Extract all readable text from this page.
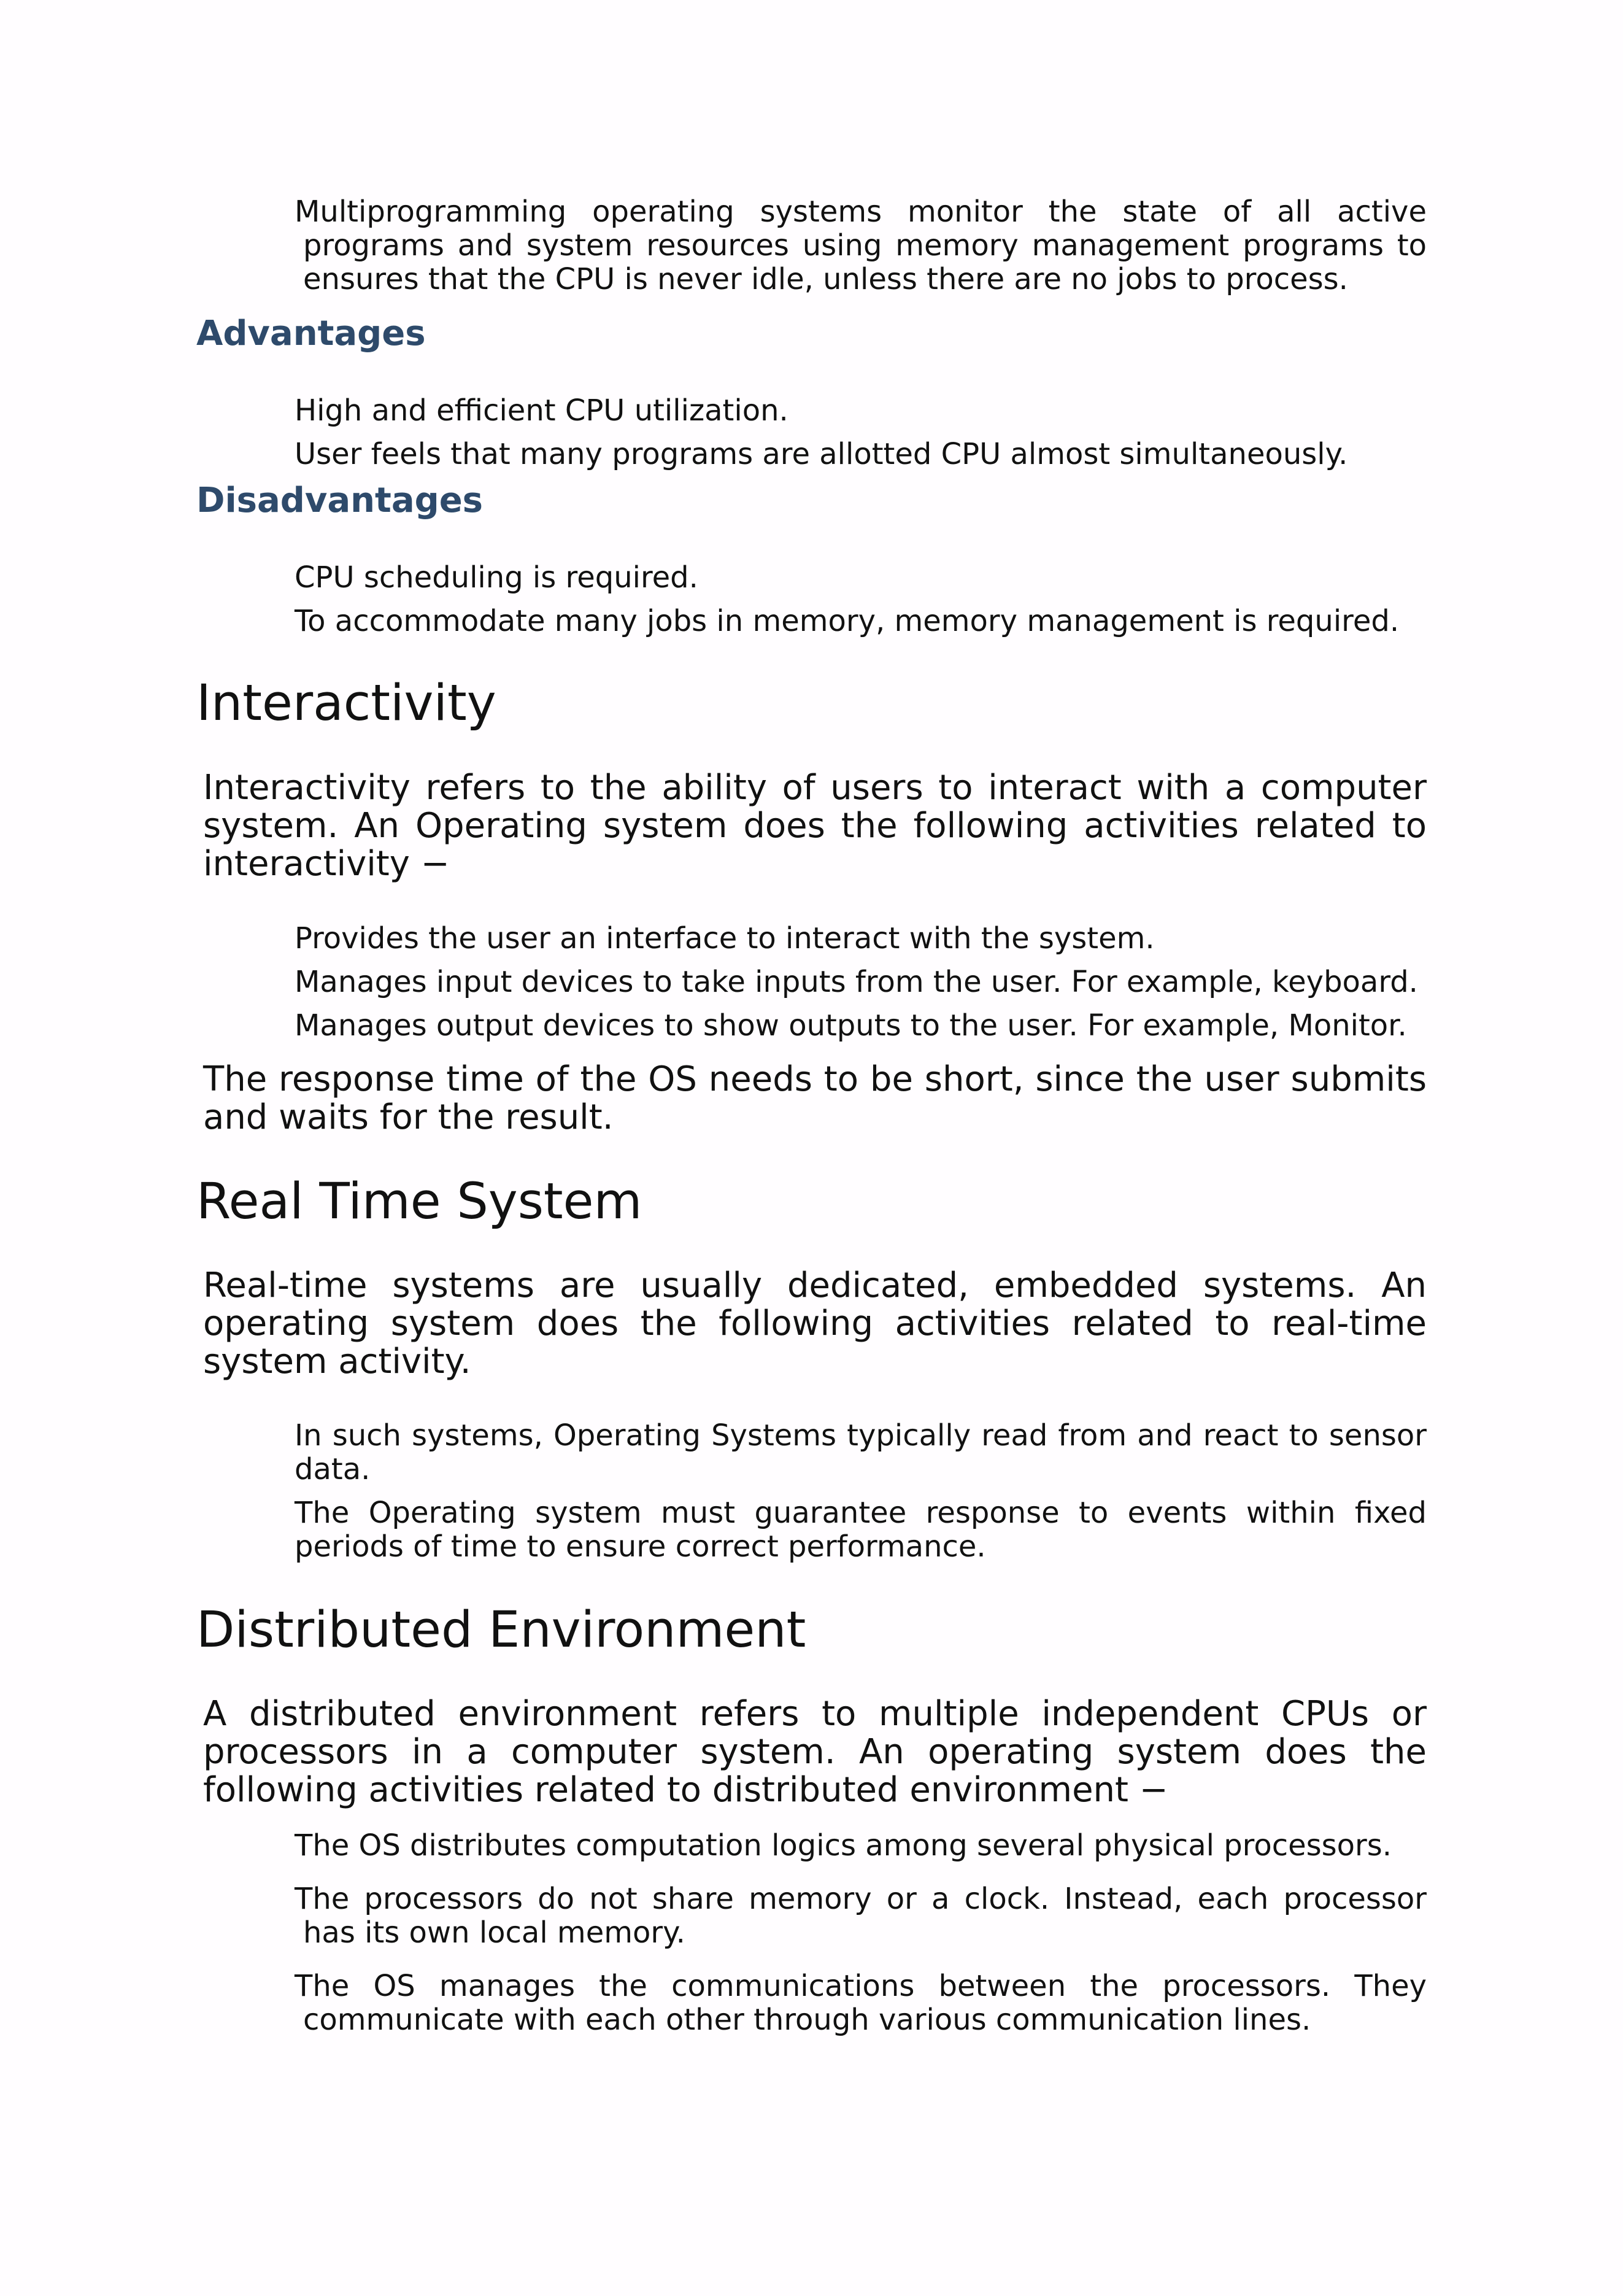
Multiprogramming operating systems monitor the state of all active programs and system resources using memory management programs to ensures that the CPU is never idle, unless there are no jobs to process.

Advantages

High and efficient CPU utilization.

User feels that many programs are allotted CPU almost simultaneously.

Disadvantages

CPU scheduling is required.

To accommodate many jobs in memory, memory management is required.

Interactivity

Interactivity refers to the ability of users to interact with a computer system. An Operating system does the following activities related to interactivity −

Provides the user an interface to interact with the system.

Manages input devices to take inputs from the user. For example, keyboard.

Manages output devices to show outputs to the user. For example, Monitor.

The response time of the OS needs to be short, since the user submits and waits for the result.

Real Time System

Real-time systems are usually dedicated, embedded systems. An operating system does the following activities related to real-time system activity.

In such systems, Operating Systems typically read from and react to sensor data.

The Operating system must guarantee response to events within fixed periods of time to ensure correct performance.

Distributed Environment

A distributed environment refers to multiple independent CPUs or processors in a computer system. An operating system does the following activities related to distributed environment −

The OS distributes computation logics among several physical processors.

The processors do not share memory or a clock. Instead, each processor has its own local memory.

The OS manages the communications between the processors. They communicate with each other through various communication lines.
